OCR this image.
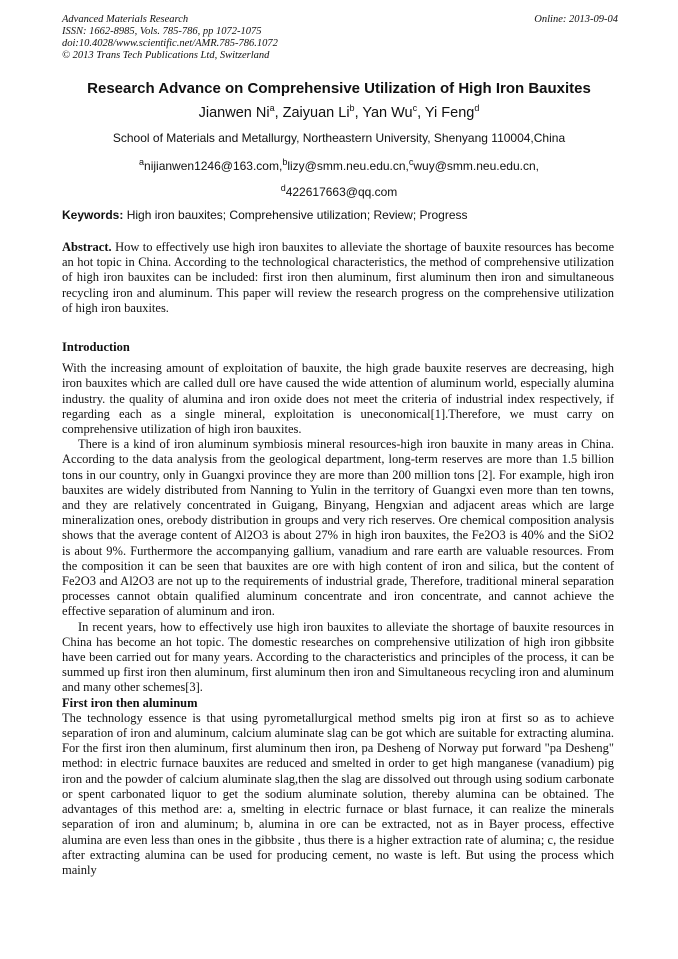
Advanced Materials Research	Online: 2013-09-04
ISSN: 1662-8985, Vols. 785-786, pp 1072-1075
doi:10.4028/www.scientific.net/AMR.785-786.1072
© 2013 Trans Tech Publications Ltd, Switzerland
Research Advance on Comprehensive Utilization of High Iron Bauxites
Jianwen Ni$^a$, Zaiyuan Li$^b$, Yan Wu$^c$, Yi Feng$^d$
School of Materials and Metallurgy, Northeastern University, Shenyang 110004,China
$^a$nijianwen1246@163.com,$^b$lizy@smm.neu.edu.cn,$^c$wuy@smm.neu.edu.cn,
$^d$422617663@qq.com
Keywords: High iron bauxites; Comprehensive utilization; Review; Progress

Abstract. How to effectively use high iron bauxites to alleviate the shortage of bauxite resources has become an hot topic in China. According to the technological characteristics, the method of comprehensive utilization of high iron bauxites can be included: first iron then aluminum, first aluminum then iron and simultaneous recycling iron and aluminum. This paper will review the research progress on the comprehensive utilization of high iron bauxites.

Introduction

With the increasing amount of exploitation of bauxite, the high grade bauxite reserves are decreasing, high iron bauxites which are called dull ore have caused the wide attention of aluminum world, especially alumina industry. the quality of alumina and iron oxide does not meet the criteria of industrial index respectively, if regarding each as a single mineral, exploitation is uneconomical[1].Therefore, we must carry on comprehensive utilization of high iron bauxites.

There is a kind of iron aluminum symbiosis mineral resources-high iron bauxite in many areas in China. According to the data analysis from the geological department, long-term reserves are more than 1.5 billion tons in our country, only in Guangxi province they are more than 200 million tons [2]. For example, high iron bauxites are widely distributed from Nanning to Yulin in the territory of Guangxi even more than ten towns, and they are relatively concentrated in Guigang, Binyang, Hengxian and adjacent areas which are large mineralization ones, orebody distribution in groups and very rich reserves. Ore chemical composition analysis shows that the average content of Al2O3 is about 27% in high iron bauxites, the Fe2O3 is 40% and the SiO2 is about 9%. Furthermore the accompanying gallium, vanadium and rare earth are valuable resources. From the composition it can be seen that bauxites are ore with high content of iron and silica, but the content of Fe2O3 and Al2O3 are not up to the requirements of industrial grade, Therefore, traditional mineral separation processes cannot obtain qualified aluminum concentrate and iron concentrate, and cannot achieve the effective separation of aluminum and iron.

In recent years, how to effectively use high iron bauxites to alleviate the shortage of bauxite resources in China has become an hot topic. The domestic researches on comprehensive utilization of high iron gibbsite have been carried out for many years. According to the characteristics and principles of the process, it can be summed up first iron then aluminum, first aluminum then iron and Simultaneous recycling iron and aluminum and many other schemes[3].

First iron then aluminum

The technology essence is that using pyrometallurgical method smelts pig iron at first so as to achieve separation of iron and aluminum, calcium aluminate slag can be got which are suitable for extracting alumina. For the first iron then aluminum, first aluminum then iron, pa Desheng of Norway put forward "pa Desheng" method: in electric furnace bauxites are reduced and smelted in order to get high manganese (vanadium) pig iron and the powder of calcium aluminate slag,then the slag are dissolved out through using sodium carbonate or spent carbonated liquor to get the sodium aluminate solution, thereby alumina can be obtained. The advantages of this method are: a, smelting in electric furnace or blast furnace, it can realize the minerals separation of iron and aluminum; b, alumina in ore can be extracted, not as in Bayer process, effective alumina are even less than ones in the gibbsite , thus there is a higher extraction rate of alumina; c, the residue after extracting alumina can be used for producing cement, no waste is left. But using the process which mainly
